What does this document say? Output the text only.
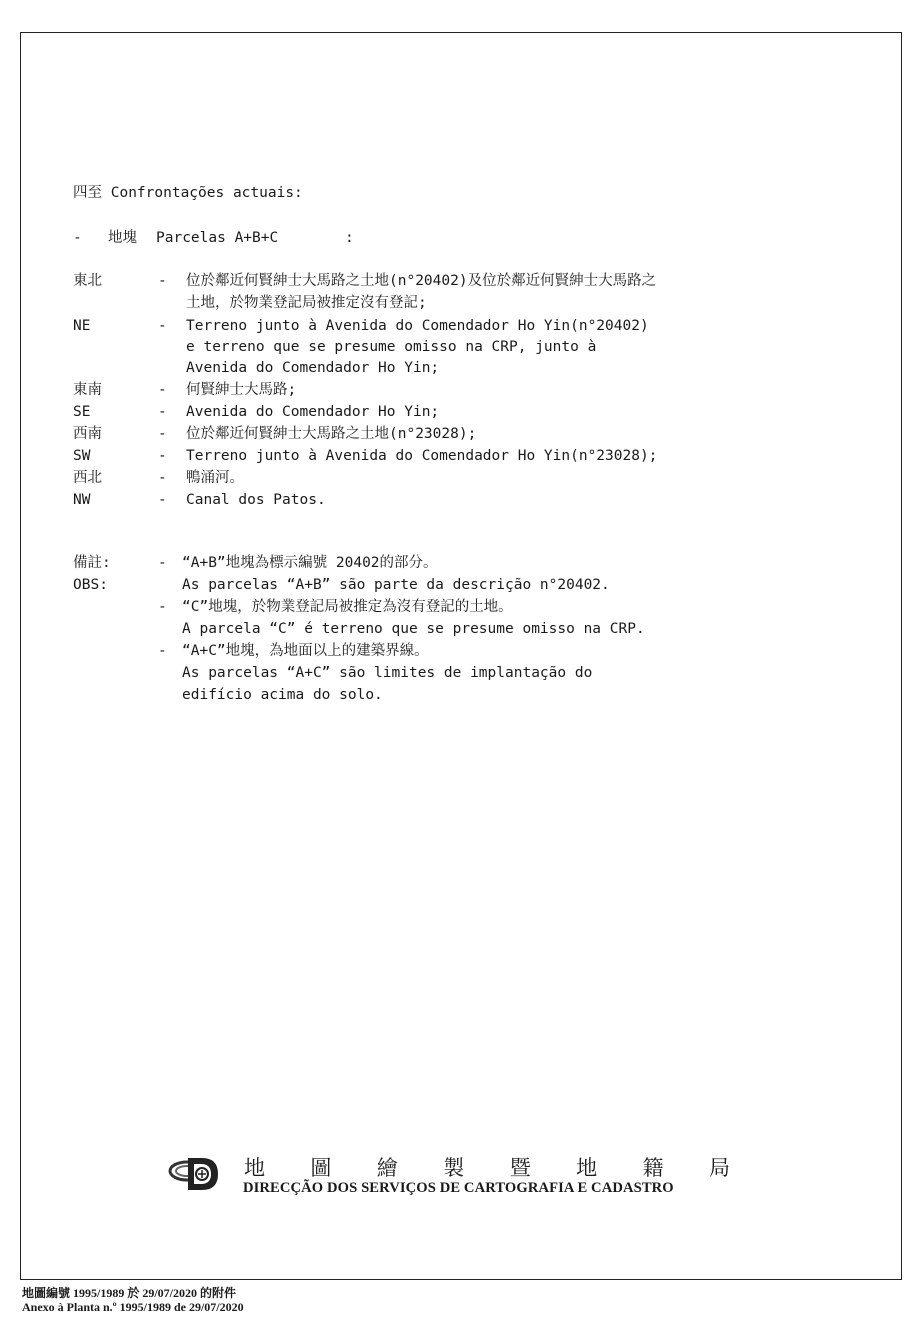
四至 Confrontações actuais:
- 地塊 Parcelas A+B+C	:
東北	- 位於鄰近何賢紳士大馬路之土地(n°20402)及位於鄰近何賢紳士大馬路之
土地，於物業登記局被推定沒有登記;
NE	- Terreno junto à Avenida do Comendador Ho Yin(n°20402)
e terreno que se presume omisso na CRP, junto à
Avenida do Comendador Ho Yin;
東南	- 何賢紳士大馬路;
SE	- Avenida do Comendador Ho Yin;
西南	- 位於鄰近何賢紳士大馬路之土地(n°23028);
SW	- Terreno junto à Avenida do Comendador Ho Yin(n°23028);
西北	- 鴨涌河。
NW	- Canal dos Patos.
備註:
OBS:
- “A+B”地塊為標示編號 20402的部分。
As parcelas “A+B” são parte da descrição n°20402.
- “C”地塊，於物業登記局被推定為沒有登記的土地。
A parcela “C” é terreno que se presume omisso na CRP.
- “A+C”地塊，為地面以上的建築界線。
As parcelas “A+C” são limites de implantação do
edifício acima do solo.
地 圖 繪 製 暨 地 籍 局
DIRECÇÃO DOS SERVIÇOS DE CARTOGRAFIA E CADASTRO
地圖編號 1995/1989 於 29/07/2020 的附件
Anexo à Planta n.º 1995/1989 de 29/07/2020
